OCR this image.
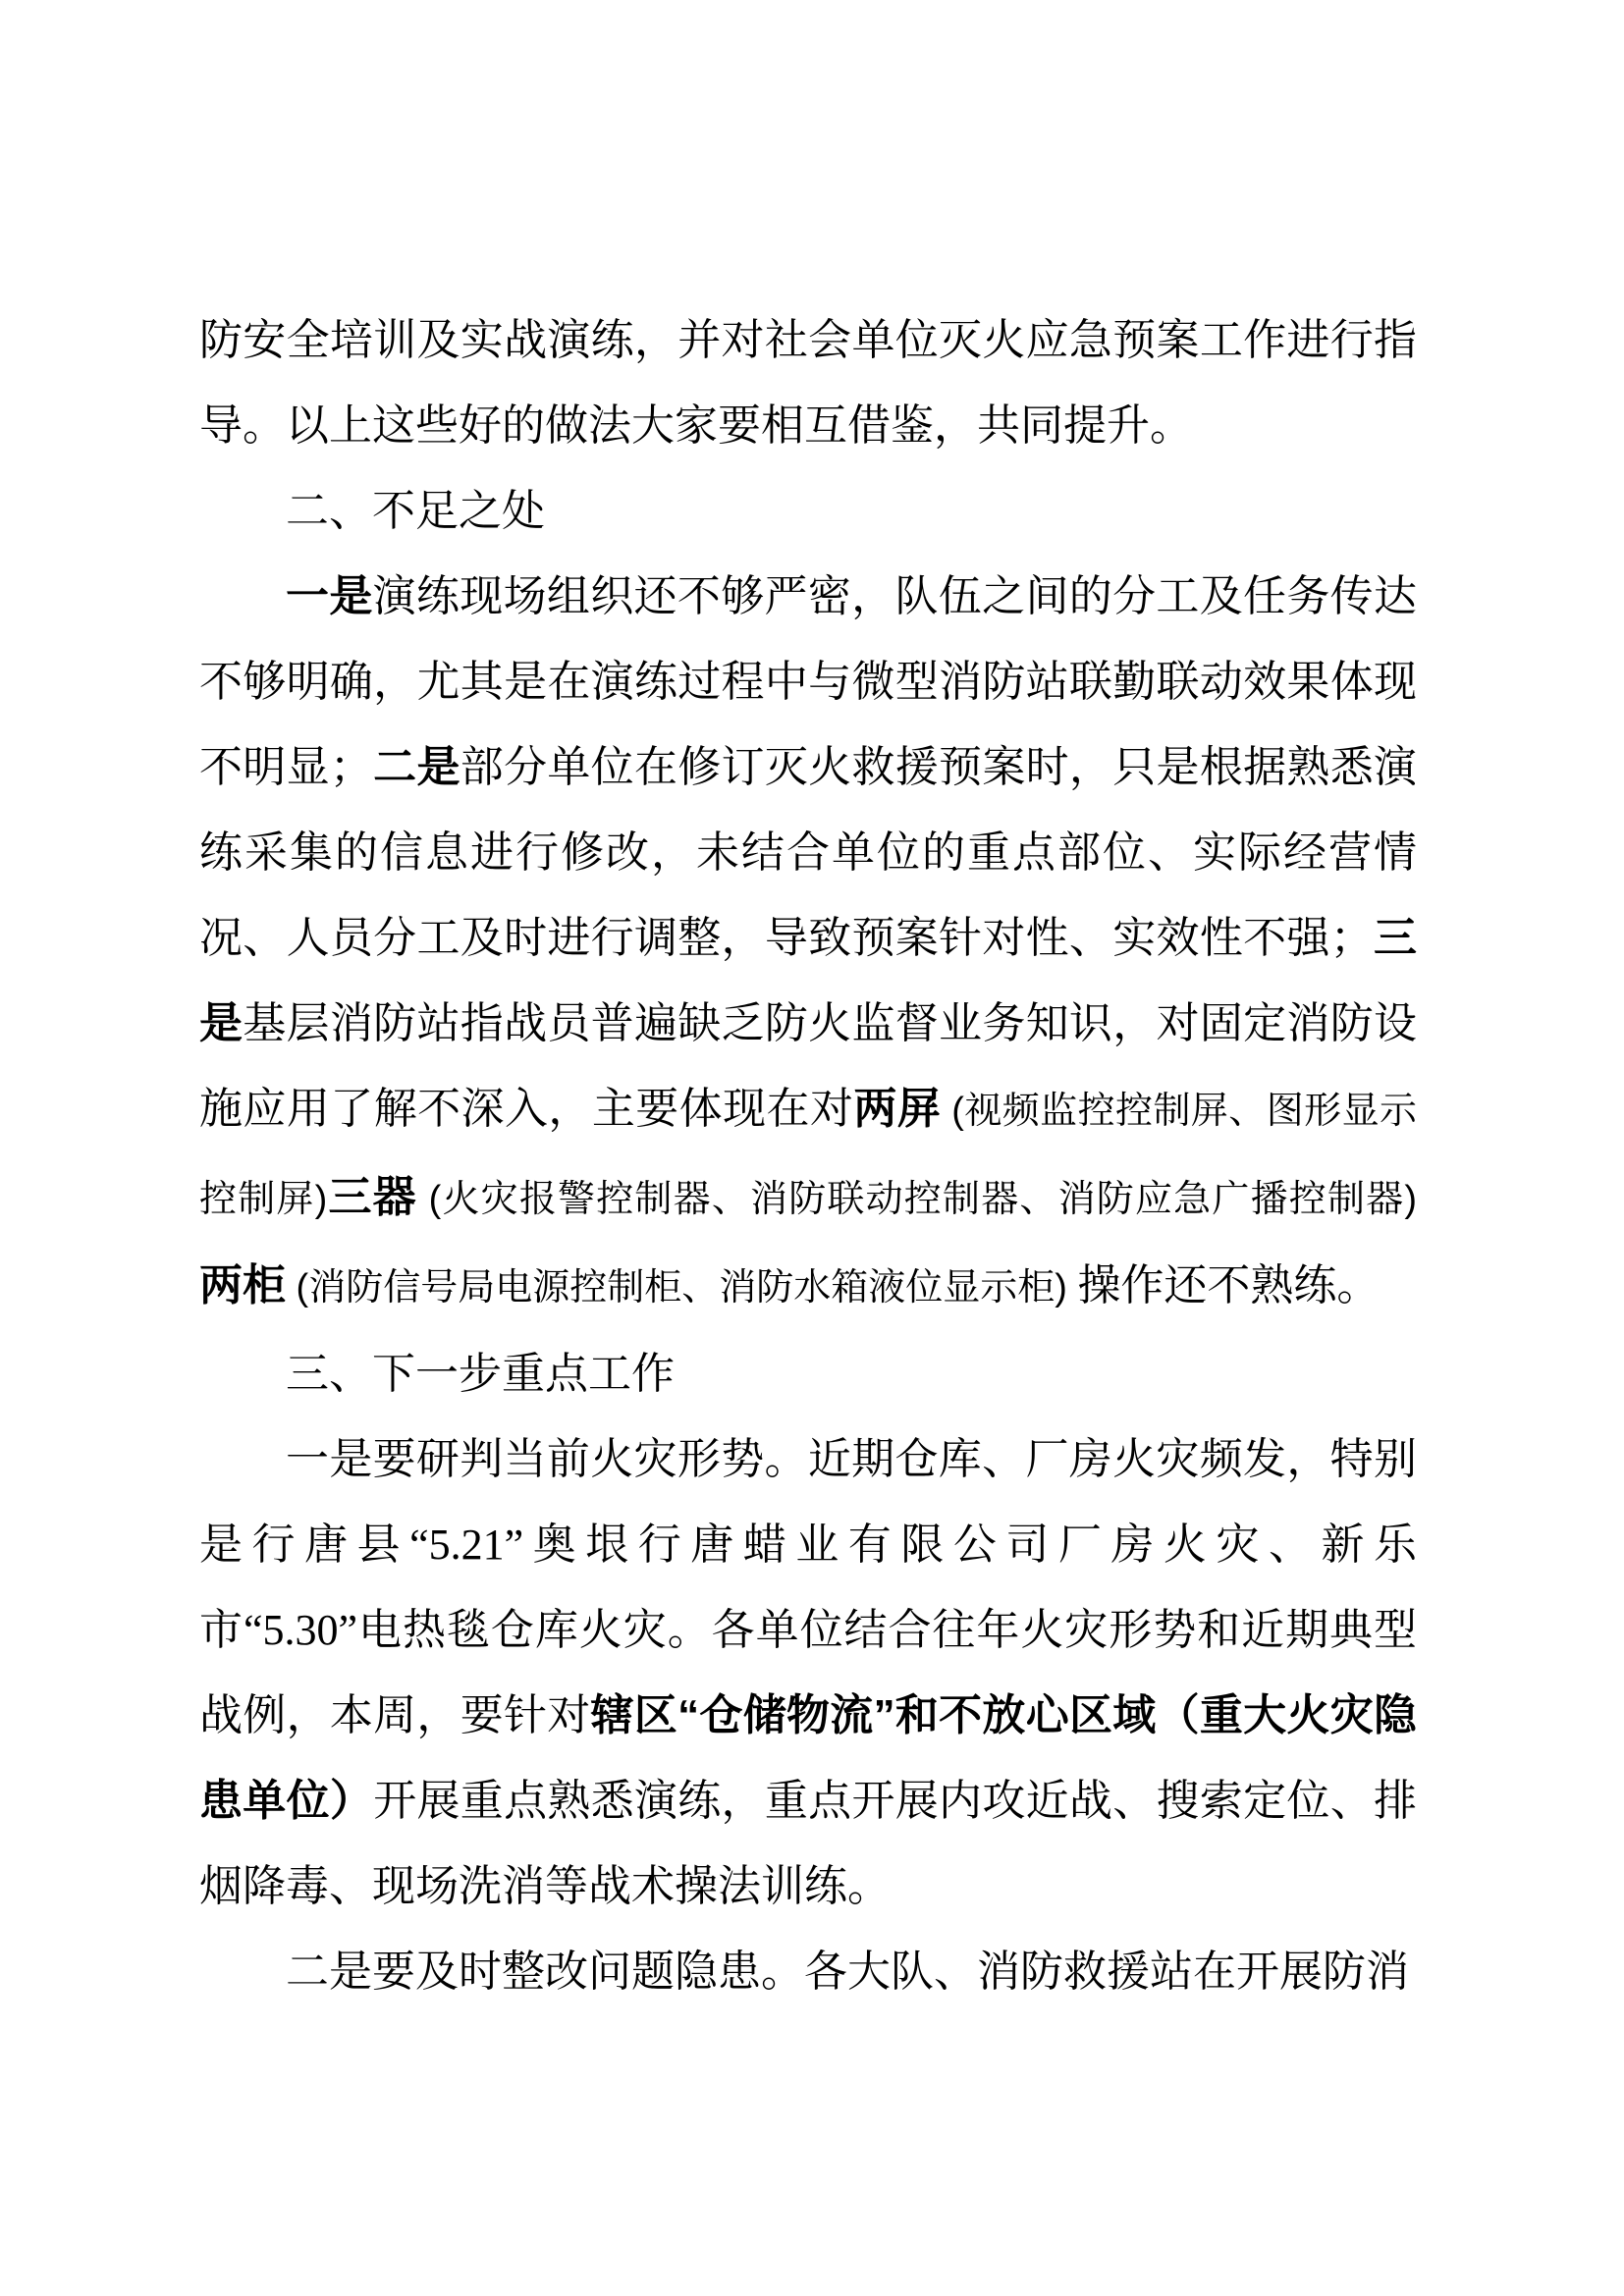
防安全培训及实战演练，并对社会单位灭火应急预案工作进行指导。以上这些好的做法大家要相互借鉴，共同提升。

二、不足之处

一是演练现场组织还不够严密，队伍之间的分工及任务传达不够明确，尤其是在演练过程中与微型消防站联勤联动效果体现不明显；二是部分单位在修订灭火救援预案时，只是根据熟悉演练采集的信息进行修改，未结合单位的重点部位、实际经营情况、人员分工及时进行调整，导致预案针对性、实效性不强；三是基层消防站指战员普遍缺乏防火监督业务知识，对固定消防设施应用了解不深入，主要体现在对两屏 (视频监控控制屏、图形显示控制屏)三器 (火灾报警控制器、消防联动控制器、消防应急广播控制器)两柜 (消防信号局电源控制柜、消防水箱液位显示柜) 操作还不熟练。

三、下一步重点工作

一是要研判当前火灾形势。近期仓库、厂房火灾频发，特别是行唐县“5.21”奥垠行唐蜡业有限公司厂房火灾、新乐市“5.30”电热毯仓库火灾。各单位结合往年火灾形势和近期典型战例，本周，要针对辖区“仓储物流”和不放心区域（重大火灾隐患单位）开展重点熟悉演练，重点开展内攻近战、搜索定位、排烟降毒、现场洗消等战术操法训练。

二是要及时整改问题隐患。各大队、消防救援站在开展防消
